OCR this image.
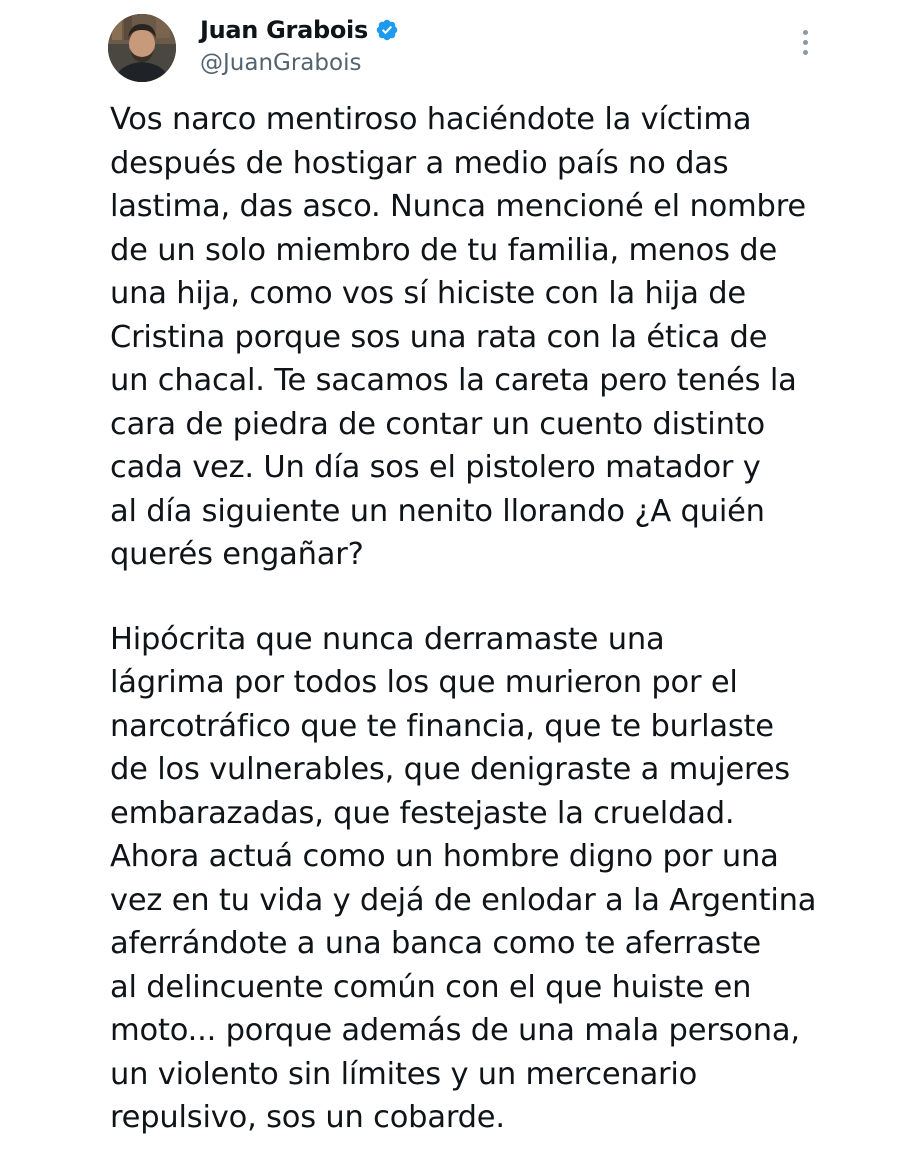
Juan Grabois
@JuanGrabois
Vos narco mentiroso haciéndote la víctima
después de hostigar a medio país no das
lastima, das asco. Nunca mencioné el nombre
de un solo miembro de tu familia, menos de
una hija, como vos sí hiciste con la hija de
Cristina porque sos una rata con la ética de
un chacal. Te sacamos la careta pero tenés la
cara de piedra de contar un cuento distinto
cada vez. Un día sos el pistolero matador y
al día siguiente un nenito llorando ¿A quién
querés engañar?
Hipócrita que nunca derramaste una
lágrima por todos los que murieron por el
narcotráfico que te financia, que te burlaste
de los vulnerables, que denigraste a mujeres
embarazadas, que festejaste la crueldad.
Ahora actuá como un hombre digno por una
vez en tu vida y dejá de enlodar a la Argentina
aferrándote a una banca como te aferraste
al delincuente común con el que huiste en
moto... porque además de una mala persona,
un violento sin límites y un mercenario
repulsivo, sos un cobarde.
